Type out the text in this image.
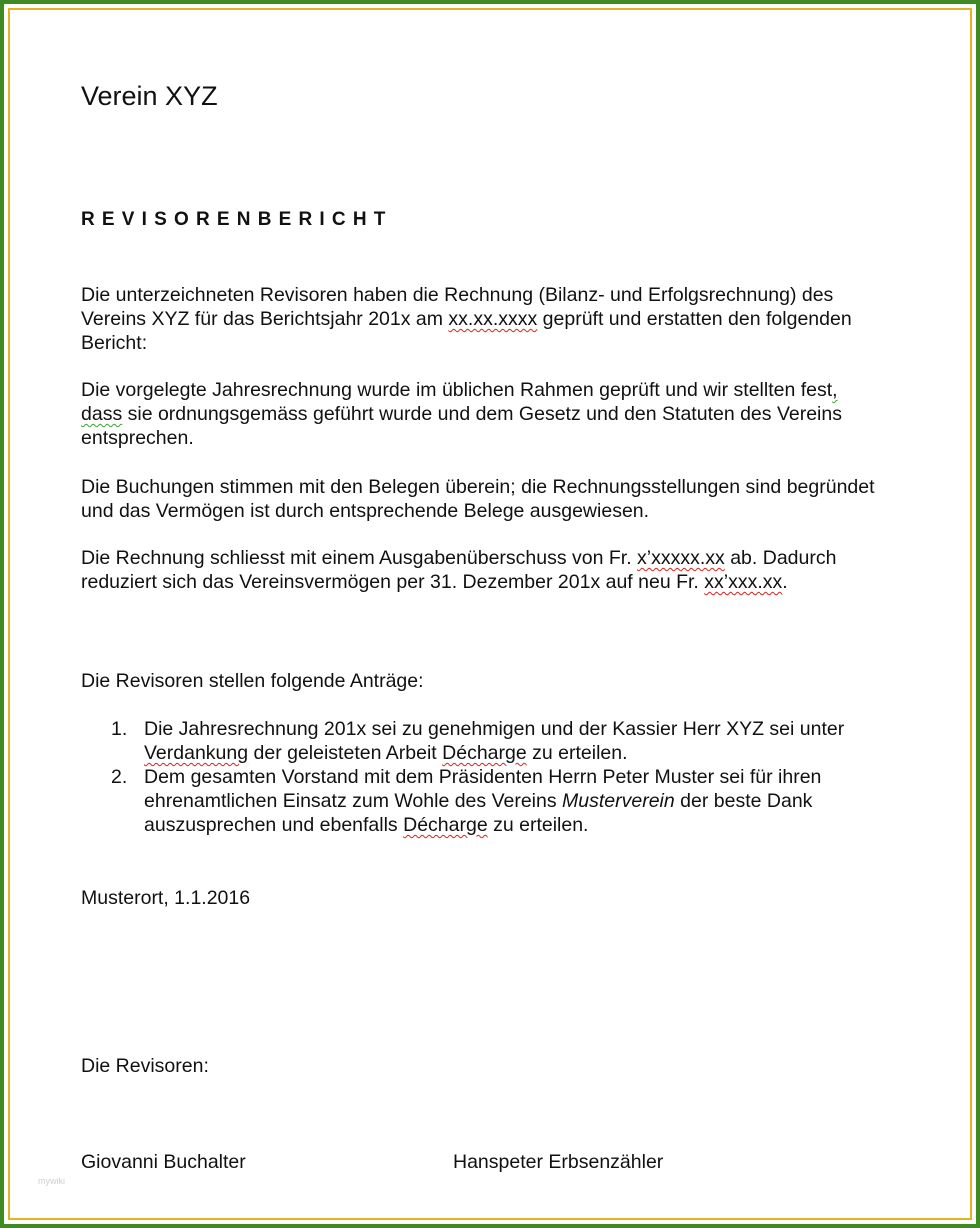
Verein XYZ
REVISORENBERICHT

Die unterzeichneten Revisoren haben die Rechnung (Bilanz- und Erfolgsrechnung) des Vereins XYZ für das Berichtsjahr 201x am xx.xx.xxxx geprüft und erstatten den folgenden Bericht:

Die vorgelegte Jahresrechnung wurde im üblichen Rahmen geprüft und wir stellten fest, dass sie ordnungsgemäss geführt wurde und dem Gesetz und den Statuten des Vereins entsprechen.

Die Buchungen stimmen mit den Belegen überein; die Rechnungsstellungen sind begründet und das Vermögen ist durch entsprechende Belege ausgewiesen.

Die Rechnung schliesst mit einem Ausgabenüberschuss von Fr. x’xxxxx.xx ab. Dadurch reduziert sich das Vereinsvermögen per 31. Dezember 201x auf neu Fr. xx’xxx.xx.

Die Revisoren stellen folgende Anträge:

1. Die Jahresrechnung 201x sei zu genehmigen und der Kassier Herr XYZ sei unter Verdankung der geleisteten Arbeit Décharge zu erteilen.
2. Dem gesamten Vorstand mit dem Präsidenten Herrn Peter Muster sei für ihren ehrenamtlichen Einsatz zum Wohle des Vereins Musterverein der beste Dank auszusprechen und ebenfalls Décharge zu erteilen.
Musterort, 1.1.2016
Die Revisoren:
Giovanni Buchalter	Hanspeter Erbsenzähler
mywiki
